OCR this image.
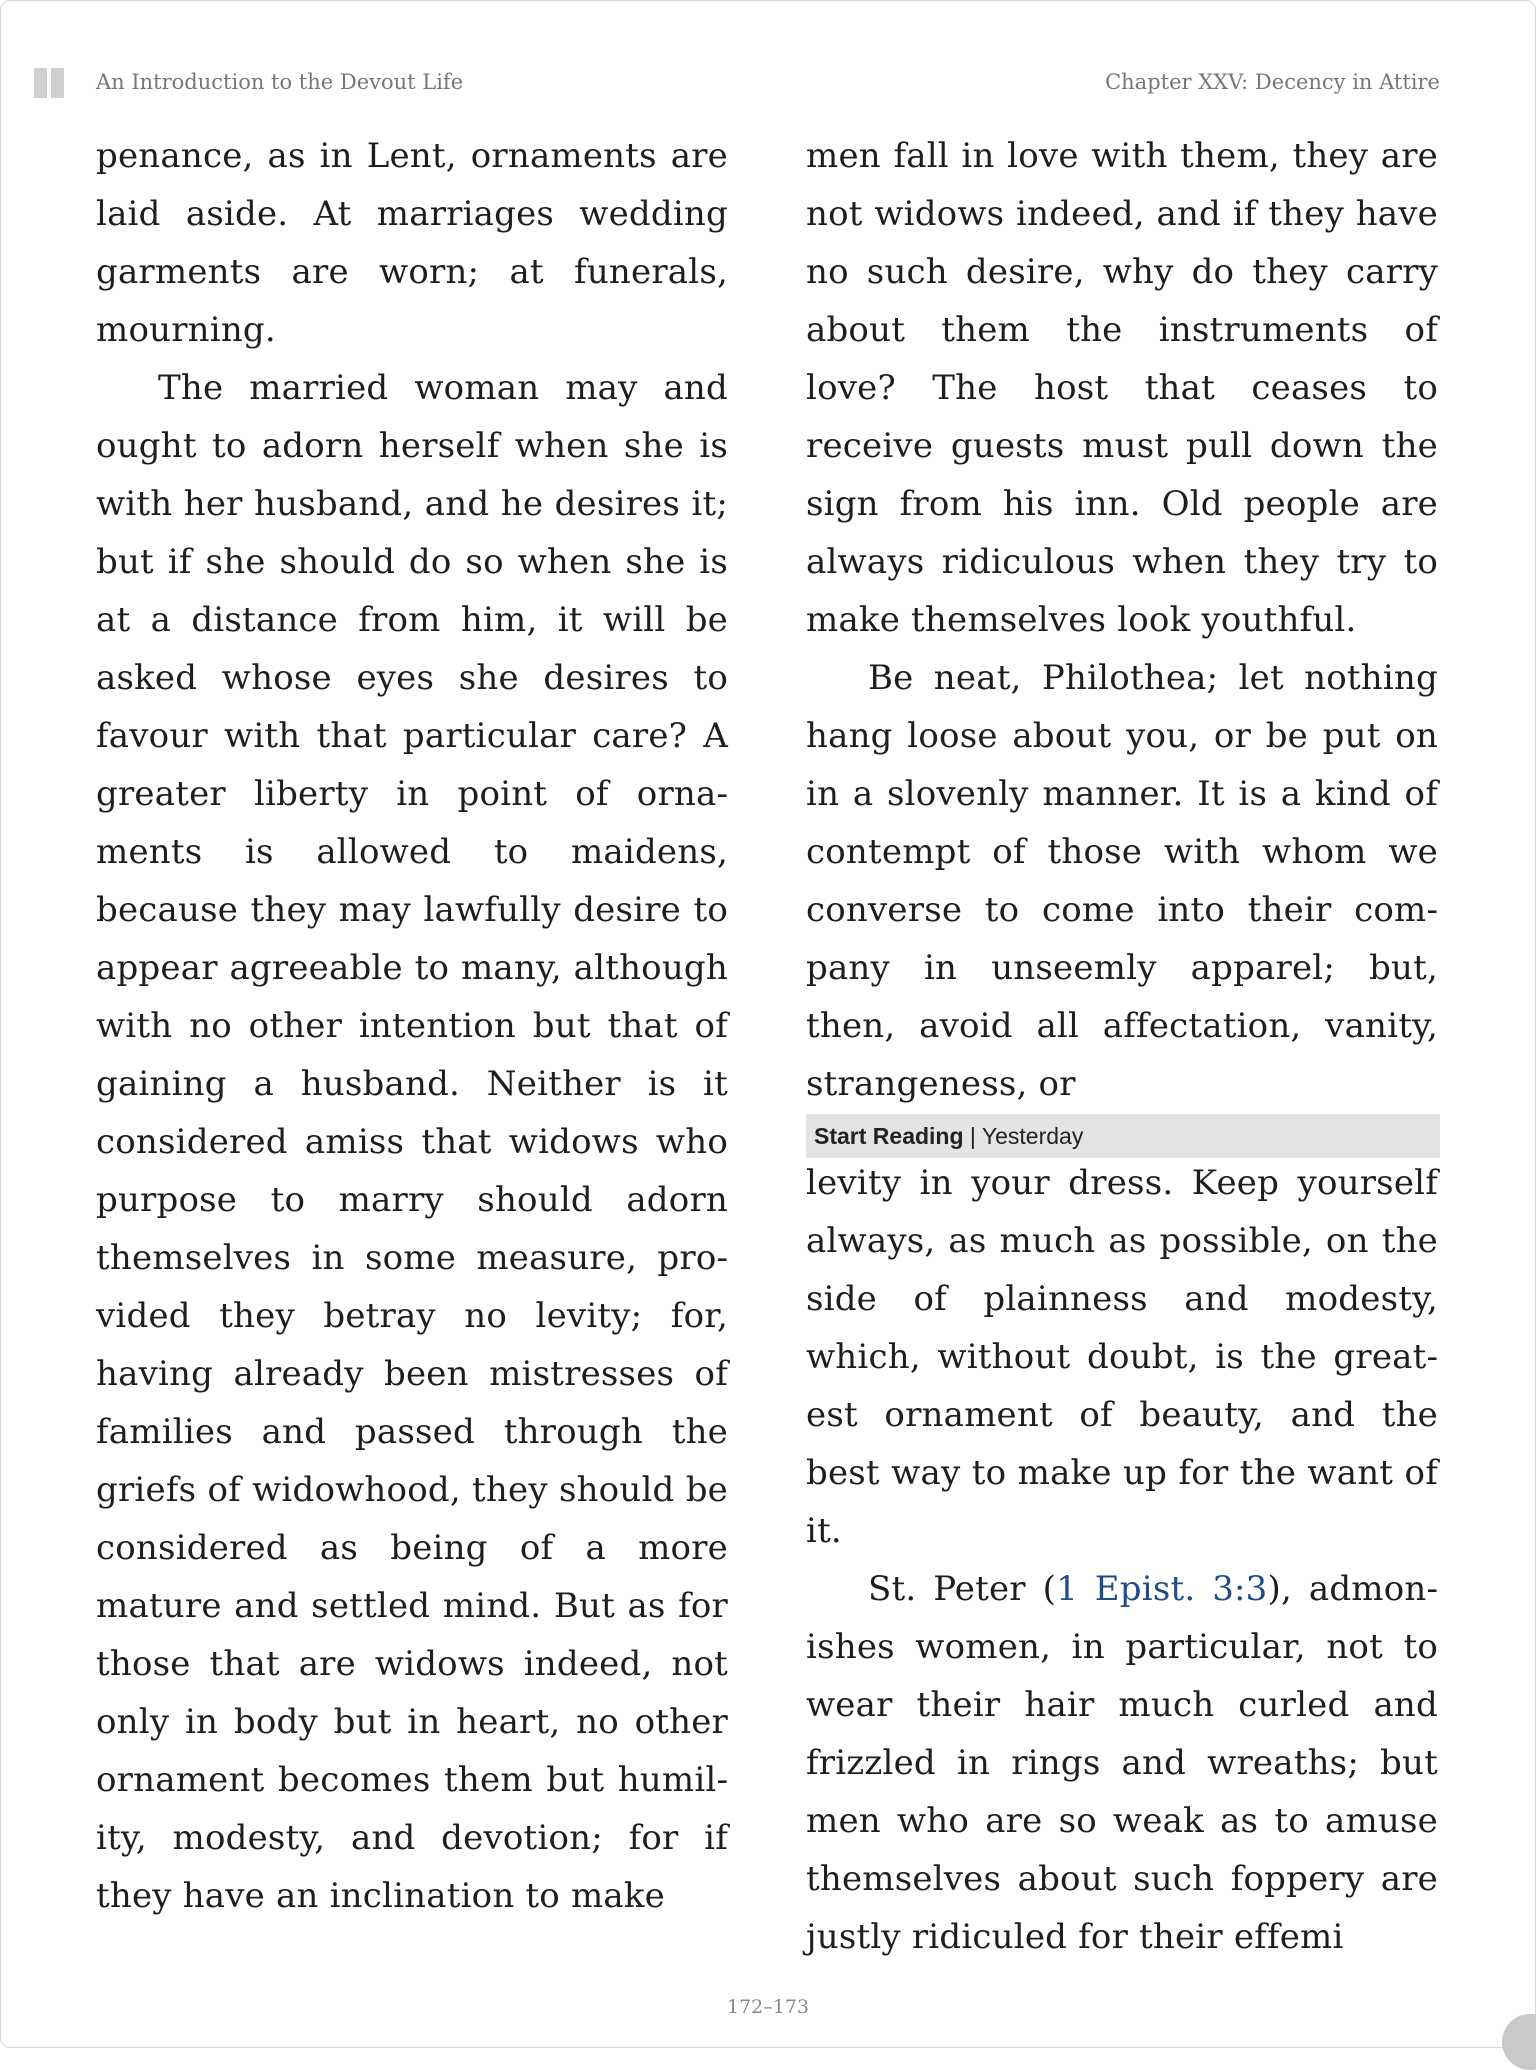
An Introduction to the Devout Life	Chapter XXV: Decency in Attire

penance, as in Lent, ornaments are laid aside. At marriages wedding garments are worn; at funerals, mourning.

The married woman may and ought to adorn herself when she is with her husband, and he desires it; but if she should do so when she is at a distance from him, it will be asked whose eyes she desires to favour with that particular care? A greater liberty in point of ornaments is allowed to maidens, because they may lawfully desire to appear agreeable to many, although with no other intention but that of gaining a husband. Neither is it considered amiss that widows who purpose to marry should adorn themselves in some measure, provided they betray no levity; for, having already been mistresses of families and passed through the griefs of widowhood, they should be considered as being of a more mature and settled mind. But as for those that are widows indeed, not only in body but in heart, no other ornament becomes them but humility, modesty, and devotion; for if they have an inclination to make

men fall in love with them, they are not widows indeed, and if they have no such desire, why do they carry about them the instruments of love? The host that ceases to receive guests must pull down the sign from his inn. Old people are always ridiculous when they try to make themselves look youthful.

Be neat, Philothea; let nothing hang loose about you, or be put on in a slovenly manner. It is a kind of contempt of those with whom we converse to come into their company in unseemly apparel; but, then, avoid all affectation, vanity, strangeness, or

Start Reading | Yesterday

levity in your dress. Keep yourself always, as much as possible, on the side of plainness and modesty, which, without doubt, is the greatest ornament of beauty, and the best way to make up for the want of it.

St. Peter (1 Epist. 3:3), admonishes women, in particular, not to wear their hair much curled and frizzled in rings and wreaths; but men who are so weak as to amuse themselves about such foppery are justly ridiculed for their effemi

172–173
